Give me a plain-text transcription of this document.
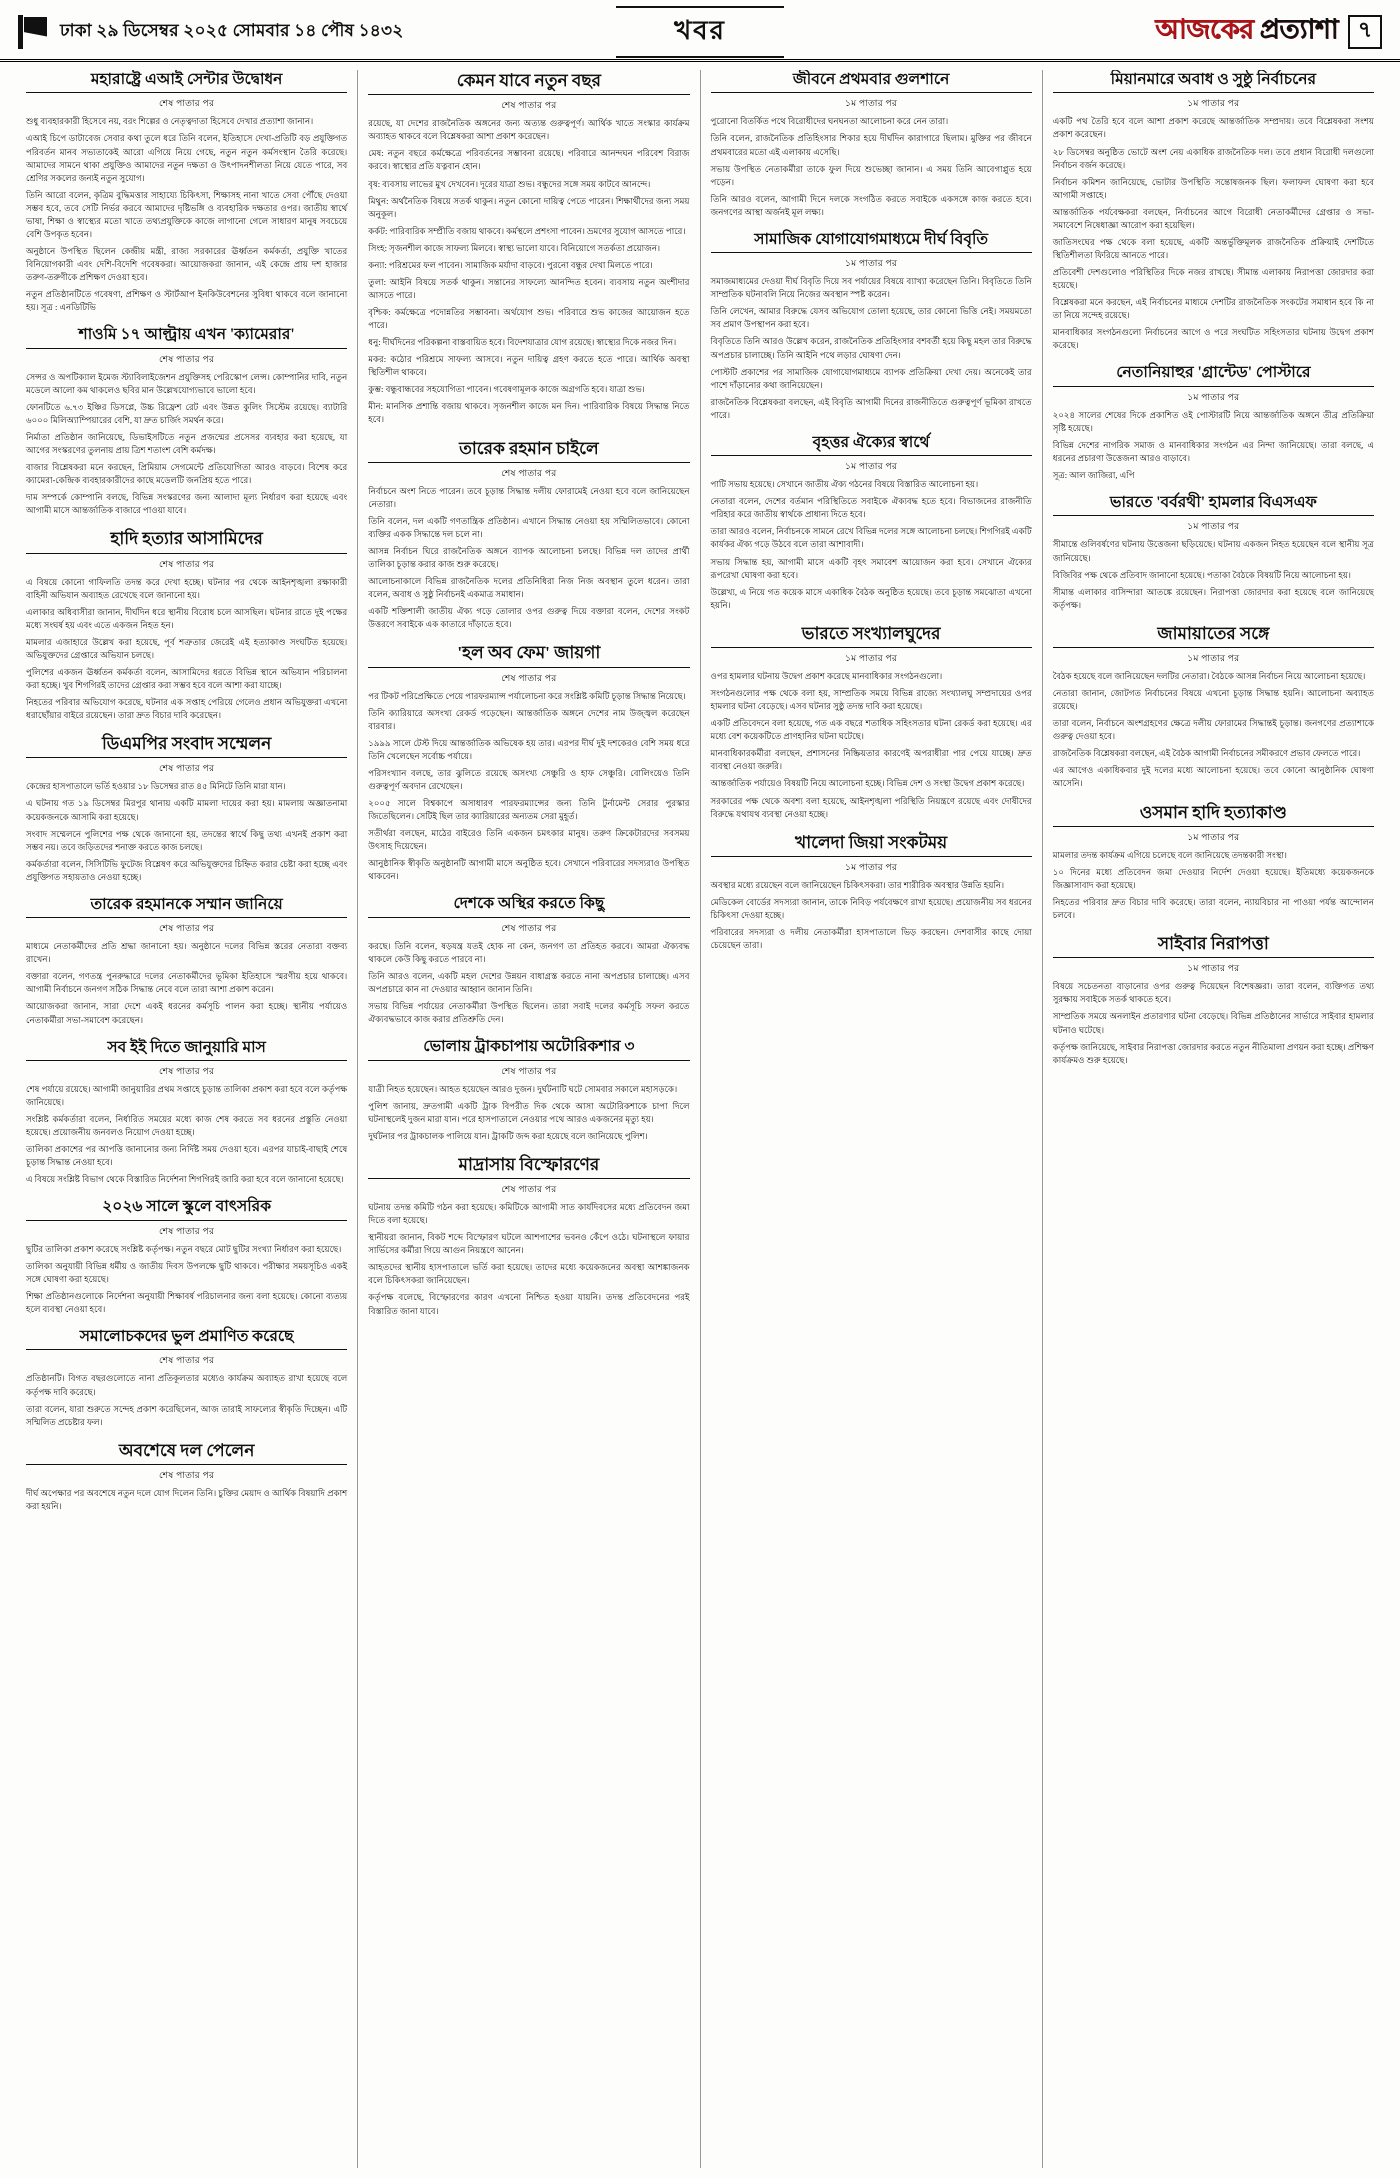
ঢাকা ২৯ ডিসেম্বর ২০২৫ সোমবার ১৪ পৌষ ১৪৩২	খবর	আজকের প্রত্যাশা ৭
মহারাষ্ট্রে এআই সেন্টার উদ্বোধন
শেষ পাতার পর

শুধু ব্যবহারকারী হিসেবে নয়, বরং শিল্পের ও নেতৃত্বদাতা হিসেবে দেখার প্রত্যাশা জানান।

এআই চিপে ডাটাবেজ সেবার কথা তুলে ধরে তিনি বলেন, ইতিহাসে দেখা-প্রতিটি বড় প্রযুক্তিগত পরিবর্তন মানব সভ্যতাকেই আরো এগিয়ে নিয়ে গেছে, নতুন নতুন কর্মসংস্থান তৈরি করেছে। আমাদের সামনে থাকা প্রযুক্তিও আমাদের নতুন দক্ষতা ও উৎপাদনশীলতা নিয়ে যেতে পারে, সব শ্রেণির সকলের জন্যই নতুন সুযোগ।

তিনি আরো বলেন, কৃত্রিম বুদ্ধিমত্তার সাহায্যে চিকিৎসা, শিক্ষাসহ নানা খাতে সেবা পৌঁছে দেওয়া সম্ভব হবে, তবে সেটি নির্ভর করবে আমাদের দৃষ্টিভঙ্গি ও ব্যবহারিক দক্ষতার ওপর। জাতীয় স্বার্থে ভাষা, শিক্ষা ও স্বাস্থ্যের মতো খাতে তথ্যপ্রযুক্তিকে কাজে লাগানো গেলে সাধারণ মানুষ সবচেয়ে বেশি উপকৃত হবেন।

অনুষ্ঠানে উপস্থিত ছিলেন কেন্দ্রীয় মন্ত্রী, রাজ্য সরকারের ঊর্ধ্বতন কর্মকর্তা, প্রযুক্তি খাতের বিনিয়োগকারী এবং দেশি-বিদেশি গবেষকরা। আয়োজকরা জানান, এই কেন্দ্রে প্রায় দশ হাজার তরুণ-তরুণীকে প্রশিক্ষণ দেওয়া হবে।

নতুন প্রতিষ্ঠানটিতে গবেষণা, প্রশিক্ষণ ও স্টার্টআপ ইনকিউবেশনের সুবিধা থাকবে বলে জানানো হয়। সূত্র : এনডিটিভি

শাওমি ১৭ আল্ট্রায় এখন 'ক্যামেরার'
শেষ পাতার পর

সেন্সর ও অপটিক্যাল ইমেজ স্ট্যাবিলাইজেশন প্রযুক্তিসহ পেরিস্কোপ লেন্স। কোম্পানির দাবি, নতুন মডেলে আলো কম থাকলেও ছবির মান উল্লেখযোগ্যভাবে ভালো হবে।

ফোনটিতে ৬.৭৩ ইঞ্চির ডিসপ্লে, উচ্চ রিফ্রেশ রেট এবং উন্নত কুলিং সিস্টেম রয়েছে। ব্যাটারি ৬০০০ মিলিঅ্যাম্পিয়ারের বেশি, যা দ্রুত চার্জিং সমর্থন করে।

নির্মাতা প্রতিষ্ঠান জানিয়েছে, ডিভাইসটিতে নতুন প্রজন্মের প্রসেসর ব্যবহার করা হয়েছে, যা আগের সংস্করণের তুলনায় প্রায় ত্রিশ শতাংশ বেশি কর্মদক্ষ।

বাজার বিশ্লেষকরা মনে করছেন, প্রিমিয়াম সেগমেন্টে প্রতিযোগিতা আরও বাড়বে। বিশেষ করে ক্যামেরা-কেন্দ্রিক ব্যবহারকারীদের কাছে মডেলটি জনপ্রিয় হতে পারে।

দাম সম্পর্কে কোম্পানি বলছে, বিভিন্ন সংস্করণের জন্য আলাদা মূল্য নির্ধারণ করা হয়েছে এবং আগামী মাসে আন্তর্জাতিক বাজারে পাওয়া যাবে।

হাদি হত্যার আসামিদের
শেষ পাতার পর

এ বিষয়ে কোনো গাফিলতি তদন্ত করে দেখা হচ্ছে। ঘটনার পর থেকে আইনশৃঙ্খলা রক্ষাকারী বাহিনী অভিযান অব্যাহত রেখেছে বলে জানানো হয়।

এলাকার অধিবাসীরা জানান, দীর্ঘদিন ধরে স্থানীয় বিরোধ চলে আসছিল। ঘটনার রাতে দুই পক্ষের মধ্যে সংঘর্ষ হয় এবং এতে একজন নিহত হন।

মামলার এজাহারে উল্লেখ করা হয়েছে, পূর্ব শত্রুতার জেরেই এই হত্যাকাণ্ড সংঘটিত হয়েছে। অভিযুক্তদের গ্রেপ্তারে অভিযান চলছে।

পুলিশের একজন ঊর্ধ্বতন কর্মকর্তা বলেন, আসামিদের ধরতে বিভিন্ন স্থানে অভিযান পরিচালনা করা হচ্ছে। খুব শিগগিরই তাদের গ্রেপ্তার করা সম্ভব হবে বলে আশা করা যাচ্ছে।

নিহতের পরিবার অভিযোগ করেছে, ঘটনার এক সপ্তাহ পেরিয়ে গেলেও প্রধান অভিযুক্তরা এখনো ধরাছোঁয়ার বাইরে রয়েছেন। তারা দ্রুত বিচার দাবি করেছেন।

ডিএমপির সংবাদ সম্মেলন
শেষ পাতার পর

কেন্দ্রের হাসপাতালে ভর্তি হওয়ার ১৮ ডিসেম্বর রাত ৪৫ মিনিটে তিনি মারা যান।

এ ঘটনায় গত ১৯ ডিসেম্বর মিরপুর থানায় একটি মামলা দায়ের করা হয়। মামলায় অজ্ঞাতনামা কয়েকজনকে আসামি করা হয়েছে।

সংবাদ সম্মেলনে পুলিশের পক্ষ থেকে জানানো হয়, তদন্তের স্বার্থে কিছু তথ্য এখনই প্রকাশ করা সম্ভব নয়। তবে জড়িতদের শনাক্ত করতে কাজ চলছে।

কর্মকর্তারা বলেন, সিসিটিভি ফুটেজ বিশ্লেষণ করে অভিযুক্তদের চিহ্নিত করার চেষ্টা করা হচ্ছে এবং প্রযুক্তিগত সহায়তাও নেওয়া হচ্ছে।

তারেক রহমানকে সম্মান জানিয়ে
শেষ পাতার পর

মাধ্যমে নেতাকর্মীদের প্রতি শ্রদ্ধা জানানো হয়। অনুষ্ঠানে দলের বিভিন্ন স্তরের নেতারা বক্তব্য রাখেন।

বক্তারা বলেন, গণতন্ত্র পুনরুদ্ধারে দলের নেতাকর্মীদের ভূমিকা ইতিহাসে স্মরণীয় হয়ে থাকবে। আগামী নির্বাচনে জনগণ সঠিক সিদ্ধান্ত নেবে বলে তারা আশা প্রকাশ করেন।

আয়োজকরা জানান, সারা দেশে একই ধরনের কর্মসূচি পালন করা হচ্ছে। স্থানীয় পর্যায়েও নেতাকর্মীরা সভা-সমাবেশ করেছেন।

সব ইই দিতে জানুয়ারি মাস
শেষ পাতার পর

শেষ পর্যায়ে রয়েছে। আগামী জানুয়ারির প্রথম সপ্তাহে চূড়ান্ত তালিকা প্রকাশ করা হবে বলে কর্তৃপক্ষ জানিয়েছে।

সংশ্লিষ্ট কর্মকর্তারা বলেন, নির্ধারিত সময়ের মধ্যে কাজ শেষ করতে সব ধরনের প্রস্তুতি নেওয়া হয়েছে। প্রয়োজনীয় জনবলও নিয়োগ দেওয়া হচ্ছে।

তালিকা প্রকাশের পর আপত্তি জানানোর জন্য নির্দিষ্ট সময় দেওয়া হবে। এরপর যাচাই-বাছাই শেষে চূড়ান্ত সিদ্ধান্ত নেওয়া হবে।

এ বিষয়ে সংশ্লিষ্ট বিভাগ থেকে বিস্তারিত নির্দেশনা শিগগিরই জারি করা হবে বলে জানানো হয়েছে।

২০২৬ সালে স্কুলে বাৎসরিক
শেষ পাতার পর

ছুটির তালিকা প্রকাশ করেছে সংশ্লিষ্ট কর্তৃপক্ষ। নতুন বছরে মোট ছুটির সংখ্যা নির্ধারণ করা হয়েছে।

তালিকা অনুযায়ী বিভিন্ন ধর্মীয় ও জাতীয় দিবস উপলক্ষে ছুটি থাকবে। পরীক্ষার সময়সূচিও একই সঙ্গে ঘোষণা করা হয়েছে।

শিক্ষা প্রতিষ্ঠানগুলোকে নির্দেশনা অনুযায়ী শিক্ষাবর্ষ পরিচালনার জন্য বলা হয়েছে। কোনো ব্যত্যয় হলে ব্যবস্থা নেওয়া হবে।

সমালোচকদের ভুল প্রমাণিত করেছে
শেষ পাতার পর

প্রতিষ্ঠানটি। বিগত বছরগুলোতে নানা প্রতিকূলতার মধ্যেও কার্যক্রম অব্যাহত রাখা হয়েছে বলে কর্তৃপক্ষ দাবি করেছে।

তারা বলেন, যারা শুরুতে সন্দেহ প্রকাশ করেছিলেন, আজ তারাই সাফল্যের স্বীকৃতি দিচ্ছেন। এটি সম্মিলিত প্রচেষ্টার ফল।

অবশেষে দল পেলেন
শেষ পাতার পর

দীর্ঘ অপেক্ষার পর অবশেষে নতুন দলে যোগ দিলেন তিনি। চুক্তির মেয়াদ ও আর্থিক বিষয়াদি প্রকাশ করা হয়নি।

কেমন যাবে নতুন বছর
শেষ পাতার পর

রয়েছে, যা দেশের রাজনৈতিক অঙ্গনের জন্য অত্যন্ত গুরুত্বপূর্ণ। আর্থিক খাতে সংস্কার কার্যক্রম অব্যাহত থাকবে বলে বিশ্লেষকরা আশা প্রকাশ করেছেন।

মেষ: নতুন বছরে কর্মক্ষেত্রে পরিবর্তনের সম্ভাবনা রয়েছে। পরিবারে আনন্দঘন পরিবেশ বিরাজ করবে। স্বাস্থ্যের প্রতি যত্নবান হোন।

বৃষ: ব্যবসায় লাভের মুখ দেখবেন। দূরের যাত্রা শুভ। বন্ধুদের সঙ্গে সময় কাটবে আনন্দে।

মিথুন: অর্থনৈতিক বিষয়ে সতর্ক থাকুন। নতুন কোনো দায়িত্ব পেতে পারেন। শিক্ষার্থীদের জন্য সময় অনুকূল।

কর্কট: পারিবারিক সম্প্রীতি বজায় থাকবে। কর্মস্থলে প্রশংসা পাবেন। ভ্রমণের সুযোগ আসতে পারে।

সিংহ: সৃজনশীল কাজে সাফল্য মিলবে। স্বাস্থ্য ভালো যাবে। বিনিয়োগে সতর্কতা প্রয়োজন।

কন্যা: পরিশ্রমের ফল পাবেন। সামাজিক মর্যাদা বাড়বে। পুরনো বন্ধুর দেখা মিলতে পারে।

তুলা: আইনি বিষয়ে সতর্ক থাকুন। সন্তানের সাফল্যে আনন্দিত হবেন। ব্যবসায় নতুন অংশীদার আসতে পারে।

বৃশ্চিক: কর্মক্ষেত্রে পদোন্নতির সম্ভাবনা। অর্থযোগ শুভ। পরিবারে শুভ কাজের আয়োজন হতে পারে।

ধনু: দীর্ঘদিনের পরিকল্পনা বাস্তবায়িত হবে। বিদেশযাত্রার যোগ রয়েছে। স্বাস্থ্যের দিকে নজর দিন।

মকর: কঠোর পরিশ্রমে সাফল্য আসবে। নতুন দায়িত্ব গ্রহণ করতে হতে পারে। আর্থিক অবস্থা স্থিতিশীল থাকবে।

কুম্ভ: বন্ধুবান্ধবের সহযোগিতা পাবেন। গবেষণামূলক কাজে অগ্রগতি হবে। যাত্রা শুভ।

মীন: মানসিক প্রশান্তি বজায় থাকবে। সৃজনশীল কাজে মন দিন। পারিবারিক বিষয়ে সিদ্ধান্ত নিতে হবে।

তারেক রহমান চাইলে
শেষ পাতার পর

নির্বাচনে অংশ নিতে পারেন। তবে চূড়ান্ত সিদ্ধান্ত দলীয় ফোরামেই নেওয়া হবে বলে জানিয়েছেন নেতারা।

তিনি বলেন, দল একটি গণতান্ত্রিক প্রতিষ্ঠান। এখানে সিদ্ধান্ত নেওয়া হয় সম্মিলিতভাবে। কোনো ব্যক্তির একক সিদ্ধান্তে দল চলে না।

আসন্ন নির্বাচন ঘিরে রাজনৈতিক অঙ্গনে ব্যাপক আলোচনা চলছে। বিভিন্ন দল তাদের প্রার্থী তালিকা চূড়ান্ত করার কাজ শুরু করেছে।

আলোচনাকালে বিভিন্ন রাজনৈতিক দলের প্রতিনিধিরা নিজ নিজ অবস্থান তুলে ধরেন। তারা বলেন, অবাধ ও সুষ্ঠু নির্বাচনই একমাত্র সমাধান।

একটি শক্তিশালী জাতীয় ঐক্য গড়ে তোলার ওপর গুরুত্ব দিয়ে বক্তারা বলেন, দেশের সংকট উত্তরণে সবাইকে এক কাতারে দাঁড়াতে হবে।

'হল অব ফেম' জায়গা
শেষ পাতার পর

পর টিকট পরিপ্রেক্ষিতে পেয়ে পারফরম্যান্স পর্যালোচনা করে সংশ্লিষ্ট কমিটি চূড়ান্ত সিদ্ধান্ত নিয়েছে।

তিনি ক্যারিয়ারে অসংখ্য রেকর্ড গড়েছেন। আন্তর্জাতিক অঙ্গনে দেশের নাম উজ্জ্বল করেছেন বারবার।

১৯৯৯ সালে টেস্ট দিয়ে আন্তর্জাতিক অভিষেক হয় তার। এরপর দীর্ঘ দুই দশকেরও বেশি সময় ধরে তিনি খেলেছেন সর্বোচ্চ পর্যায়ে।

পরিসংখ্যান বলছে, তার ঝুলিতে রয়েছে অসংখ্য সেঞ্চুরি ও হাফ সেঞ্চুরি। বোলিংয়েও তিনি গুরুত্বপূর্ণ অবদান রেখেছেন।

২০০৫ সালে বিশ্বকাপে অসাধারণ পারফরম্যান্সের জন্য তিনি টুর্নামেন্ট সেরার পুরস্কার জিতেছিলেন। সেটিই ছিল তার ক্যারিয়ারের অন্যতম সেরা মুহূর্ত।

সতীর্থরা বলছেন, মাঠের বাইরেও তিনি একজন চমৎকার মানুষ। তরুণ ক্রিকেটারদের সবসময় উৎসাহ দিয়েছেন।

আনুষ্ঠানিক স্বীকৃতি অনুষ্ঠানটি আগামী মাসে অনুষ্ঠিত হবে। সেখানে পরিবারের সদস্যরাও উপস্থিত থাকবেন।

দেশকে অস্থির করতে কিছু
শেষ পাতার পর

করছে। তিনি বলেন, ষড়যন্ত্র যতই হোক না কেন, জনগণ তা প্রতিহত করবে। আমরা ঐক্যবদ্ধ থাকলে কেউ কিছু করতে পারবে না।

তিনি আরও বলেন, একটি মহল দেশের উন্নয়ন বাধাগ্রস্ত করতে নানা অপপ্রচার চালাচ্ছে। এসব অপপ্রচারে কান না দেওয়ার আহ্বান জানান তিনি।

সভায় বিভিন্ন পর্যায়ের নেতাকর্মীরা উপস্থিত ছিলেন। তারা সবাই দলের কর্মসূচি সফল করতে ঐক্যবদ্ধভাবে কাজ করার প্রতিশ্রুতি দেন।

ভোলায় ট্রাকচাপায় অটোরিকশার ৩
শেষ পাতার পর

যাত্রী নিহত হয়েছেন। আহত হয়েছেন আরও দুজন। দুর্ঘটনাটি ঘটে সোমবার সকালে মহাসড়কে।

পুলিশ জানায়, দ্রুতগামী একটি ট্রাক বিপরীত দিক থেকে আসা অটোরিকশাকে চাপা দিলে ঘটনাস্থলেই দুজন মারা যান। পরে হাসপাতালে নেওয়ার পথে আরও একজনের মৃত্যু হয়।

দুর্ঘটনার পর ট্রাকচালক পালিয়ে যান। ট্রাকটি জব্দ করা হয়েছে বলে জানিয়েছে পুলিশ।

মাদ্রাসায় বিস্ফোরণের
শেষ পাতার পর

ঘটনায় তদন্ত কমিটি গঠন করা হয়েছে। কমিটিকে আগামী সাত কার্যদিবসের মধ্যে প্রতিবেদন জমা দিতে বলা হয়েছে।

স্থানীয়রা জানান, বিকট শব্দে বিস্ফোরণ ঘটলে আশপাশের ভবনও কেঁপে ওঠে। ঘটনাস্থলে ফায়ার সার্ভিসের কর্মীরা গিয়ে আগুন নিয়ন্ত্রণে আনেন।

আহতদের স্থানীয় হাসপাতালে ভর্তি করা হয়েছে। তাদের মধ্যে কয়েকজনের অবস্থা আশঙ্কাজনক বলে চিকিৎসকরা জানিয়েছেন।

কর্তৃপক্ষ বলেছে, বিস্ফোরণের কারণ এখনো নিশ্চিত হওয়া যায়নি। তদন্ত প্রতিবেদনের পরই বিস্তারিত জানা যাবে।

জীবনে প্রথমবার গুলশানে
১ম পাতার পর

পুরোনো বিতর্কিত পথে বিরোধীদের ঘনঘনতা আলোচনা করে নেন তারা।

তিনি বলেন, রাজনৈতিক প্রতিহিংসার শিকার হয়ে দীর্ঘদিন কারাগারে ছিলাম। মুক্তির পর জীবনে প্রথমবারের মতো এই এলাকায় এসেছি।

সভায় উপস্থিত নেতাকর্মীরা তাকে ফুল দিয়ে শুভেচ্ছা জানান। এ সময় তিনি আবেগাপ্লুত হয়ে পড়েন।

তিনি আরও বলেন, আগামী দিনে দলকে সংগঠিত করতে সবাইকে একসঙ্গে কাজ করতে হবে। জনগণের আস্থা অর্জনই মূল লক্ষ্য।

সামাজিক যোগাযোগমাধ্যমে দীর্ঘ বিবৃতি
১ম পাতার পর

সমাজমাধ্যমের দেওয়া দীর্ঘ বিবৃতি দিয়ে সব পর্যায়ের বিষয়ে ব্যাখ্যা করেছেন তিনি। বিবৃতিতে তিনি সাম্প্রতিক ঘটনাবলি নিয়ে নিজের অবস্থান স্পষ্ট করেন।

তিনি লেখেন, আমার বিরুদ্ধে যেসব অভিযোগ তোলা হয়েছে, তার কোনো ভিত্তি নেই। সময়মতো সব প্রমাণ উপস্থাপন করা হবে।

বিবৃতিতে তিনি আরও উল্লেখ করেন, রাজনৈতিক প্রতিহিংসার বশবর্তী হয়ে কিছু মহল তার বিরুদ্ধে অপপ্রচার চালাচ্ছে। তিনি আইনি পথে লড়ার ঘোষণা দেন।

পোস্টটি প্রকাশের পর সামাজিক যোগাযোগমাধ্যমে ব্যাপক প্রতিক্রিয়া দেখা দেয়। অনেকেই তার পাশে দাঁড়ানোর কথা জানিয়েছেন।

রাজনৈতিক বিশ্লেষকরা বলছেন, এই বিবৃতি আগামী দিনের রাজনীতিতে গুরুত্বপূর্ণ ভূমিকা রাখতে পারে।

বৃহত্তর ঐক্যের স্বার্থে
১ম পাতার পর

পাটি সভায় হয়েছে। সেখানে জাতীয় ঐক্য গঠনের বিষয়ে বিস্তারিত আলোচনা হয়।

নেতারা বলেন, দেশের বর্তমান পরিস্থিতিতে সবাইকে ঐক্যবদ্ধ হতে হবে। বিভাজনের রাজনীতি পরিহার করে জাতীয় স্বার্থকে প্রাধান্য দিতে হবে।

তারা আরও বলেন, নির্বাচনকে সামনে রেখে বিভিন্ন দলের সঙ্গে আলোচনা চলছে। শিগগিরই একটি কার্যকর ঐক্য গড়ে উঠবে বলে তারা আশাবাদী।

সভায় সিদ্ধান্ত হয়, আগামী মাসে একটি বৃহৎ সমাবেশ আয়োজন করা হবে। সেখানে ঐক্যের রূপরেখা ঘোষণা করা হবে।

উল্লেখ্য, এ নিয়ে গত কয়েক মাসে একাধিক বৈঠক অনুষ্ঠিত হয়েছে। তবে চূড়ান্ত সমঝোতা এখনো হয়নি।

ভারতে সংখ্যালঘুদের
১ম পাতার পর

ওপর হামলার ঘটনায় উদ্বেগ প্রকাশ করেছে মানবাধিকার সংগঠনগুলো।

সংগঠনগুলোর পক্ষ থেকে বলা হয়, সাম্প্রতিক সময়ে বিভিন্ন রাজ্যে সংখ্যালঘু সম্প্রদায়ের ওপর হামলার ঘটনা বেড়েছে। এসব ঘটনার সুষ্ঠু তদন্ত দাবি করা হয়েছে।

একটি প্রতিবেদনে বলা হয়েছে, গত এক বছরে শতাধিক সহিংসতার ঘটনা রেকর্ড করা হয়েছে। এর মধ্যে বেশ কয়েকটিতে প্রাণহানির ঘটনা ঘটেছে।

মানবাধিকারকর্মীরা বলছেন, প্রশাসনের নিষ্ক্রিয়তার কারণেই অপরাধীরা পার পেয়ে যাচ্ছে। দ্রুত ব্যবস্থা নেওয়া জরুরি।

আন্তর্জাতিক পর্যায়েও বিষয়টি নিয়ে আলোচনা হচ্ছে। বিভিন্ন দেশ ও সংস্থা উদ্বেগ প্রকাশ করেছে।

সরকারের পক্ষ থেকে অবশ্য বলা হয়েছে, আইনশৃঙ্খলা পরিস্থিতি নিয়ন্ত্রণে রয়েছে এবং দোষীদের বিরুদ্ধে যথাযথ ব্যবস্থা নেওয়া হচ্ছে।

খালেদা জিয়া সংকটময়
১ম পাতার পর

অবস্থার মধ্যে রয়েছেন বলে জানিয়েছেন চিকিৎসকরা। তার শারীরিক অবস্থার উন্নতি হয়নি।

মেডিকেল বোর্ডের সদস্যরা জানান, তাকে নিবিড় পর্যবেক্ষণে রাখা হয়েছে। প্রয়োজনীয় সব ধরনের চিকিৎসা দেওয়া হচ্ছে।

পরিবারের সদস্যরা ও দলীয় নেতাকর্মীরা হাসপাতালে ভিড় করছেন। দেশবাসীর কাছে দোয়া চেয়েছেন তারা।

মিয়ানমারে অবাধ ও সুষ্ঠু নির্বাচনের
১ম পাতার পর

একটি পথ তৈরি হবে বলে আশা প্রকাশ করেছে আন্তর্জাতিক সম্প্রদায়। তবে বিশ্লেষকরা সংশয় প্রকাশ করেছেন।

২৮ ডিসেম্বর অনুষ্ঠিত ভোটে অংশ নেয় একাধিক রাজনৈতিক দল। তবে প্রধান বিরোধী দলগুলো নির্বাচন বর্জন করেছে।

নির্বাচন কমিশন জানিয়েছে, ভোটার উপস্থিতি সন্তোষজনক ছিল। ফলাফল ঘোষণা করা হবে আগামী সপ্তাহে।

আন্তর্জাতিক পর্যবেক্ষকরা বলছেন, নির্বাচনের আগে বিরোধী নেতাকর্মীদের গ্রেপ্তার ও সভা-সমাবেশে নিষেধাজ্ঞা আরোপ করা হয়েছিল।

জাতিসংঘের পক্ষ থেকে বলা হয়েছে, একটি অন্তর্ভুক্তিমূলক রাজনৈতিক প্রক্রিয়াই দেশটিতে স্থিতিশীলতা ফিরিয়ে আনতে পারে।

প্রতিবেশী দেশগুলোও পরিস্থিতির দিকে নজর রাখছে। সীমান্ত এলাকায় নিরাপত্তা জোরদার করা হয়েছে।

বিশ্লেষকরা মনে করছেন, এই নির্বাচনের মাধ্যমে দেশটির রাজনৈতিক সংকটের সমাধান হবে কি না তা নিয়ে সন্দেহ রয়েছে।

মানবাধিকার সংগঠনগুলো নির্বাচনের আগে ও পরে সংঘটিত সহিংসতার ঘটনায় উদ্বেগ প্রকাশ করেছে।

নেতানিয়াহুর 'গ্রান্টেড' পোস্টারে
১ম পাতার পর

২০২৪ সালের শেষের দিকে প্রকাশিত ওই পোস্টারটি নিয়ে আন্তর্জাতিক অঙ্গনে তীব্র প্রতিক্রিয়া সৃষ্টি হয়েছে।

বিভিন্ন দেশের নাগরিক সমাজ ও মানবাধিকার সংগঠন এর নিন্দা জানিয়েছে। তারা বলছে, এ ধরনের প্রচারণা উত্তেজনা আরও বাড়াবে।

সূত্র: আল জাজিরা, এপি

ভারতে 'বর্বরথী' হামলার বিএসএফ
১ম পাতার পর

সীমান্তে গুলিবর্ষণের ঘটনায় উত্তেজনা ছড়িয়েছে। ঘটনায় একজন নিহত হয়েছেন বলে স্থানীয় সূত্র জানিয়েছে।

বিজিবির পক্ষ থেকে প্রতিবাদ জানানো হয়েছে। পতাকা বৈঠকে বিষয়টি নিয়ে আলোচনা হয়।

সীমান্ত এলাকার বাসিন্দারা আতঙ্কে রয়েছেন। নিরাপত্তা জোরদার করা হয়েছে বলে জানিয়েছে কর্তৃপক্ষ।

জামায়াতের সঙ্গে
১ম পাতার পর

বৈঠক হয়েছে বলে জানিয়েছেন দলটির নেতারা। বৈঠকে আসন্ন নির্বাচন নিয়ে আলোচনা হয়েছে।

নেতারা জানান, জোটগত নির্বাচনের বিষয়ে এখনো চূড়ান্ত সিদ্ধান্ত হয়নি। আলোচনা অব্যাহত রয়েছে।

তারা বলেন, নির্বাচনে অংশগ্রহণের ক্ষেত্রে দলীয় ফোরামের সিদ্ধান্তই চূড়ান্ত। জনগণের প্রত্যাশাকে গুরুত্ব দেওয়া হবে।

রাজনৈতিক বিশ্লেষকরা বলছেন, এই বৈঠক আগামী নির্বাচনের সমীকরণে প্রভাব ফেলতে পারে।

এর আগেও একাধিকবার দুই দলের মধ্যে আলোচনা হয়েছে। তবে কোনো আনুষ্ঠানিক ঘোষণা আসেনি।

ওসমান হাদি হত্যাকাণ্ড
১ম পাতার পর

মামলার তদন্ত কার্যক্রম এগিয়ে চলেছে বলে জানিয়েছে তদন্তকারী সংস্থা।

১০ দিনের মধ্যে প্রতিবেদন জমা দেওয়ার নির্দেশ দেওয়া হয়েছে। ইতিমধ্যে কয়েকজনকে জিজ্ঞাসাবাদ করা হয়েছে।

নিহতের পরিবার দ্রুত বিচার দাবি করেছে। তারা বলেন, ন্যায়বিচার না পাওয়া পর্যন্ত আন্দোলন চলবে।

সাইবার নিরাপত্তা
১ম পাতার পর

বিষয়ে সচেতনতা বাড়ানোর ওপর গুরুত্ব দিয়েছেন বিশেষজ্ঞরা। তারা বলেন, ব্যক্তিগত তথ্য সুরক্ষায় সবাইকে সতর্ক থাকতে হবে।

সাম্প্রতিক সময়ে অনলাইন প্রতারণার ঘটনা বেড়েছে। বিভিন্ন প্রতিষ্ঠানের সার্ভারে সাইবার হামলার ঘটনাও ঘটেছে।

কর্তৃপক্ষ জানিয়েছে, সাইবার নিরাপত্তা জোরদার করতে নতুন নীতিমালা প্রণয়ন করা হচ্ছে। প্রশিক্ষণ কার্যক্রমও শুরু হয়েছে।
